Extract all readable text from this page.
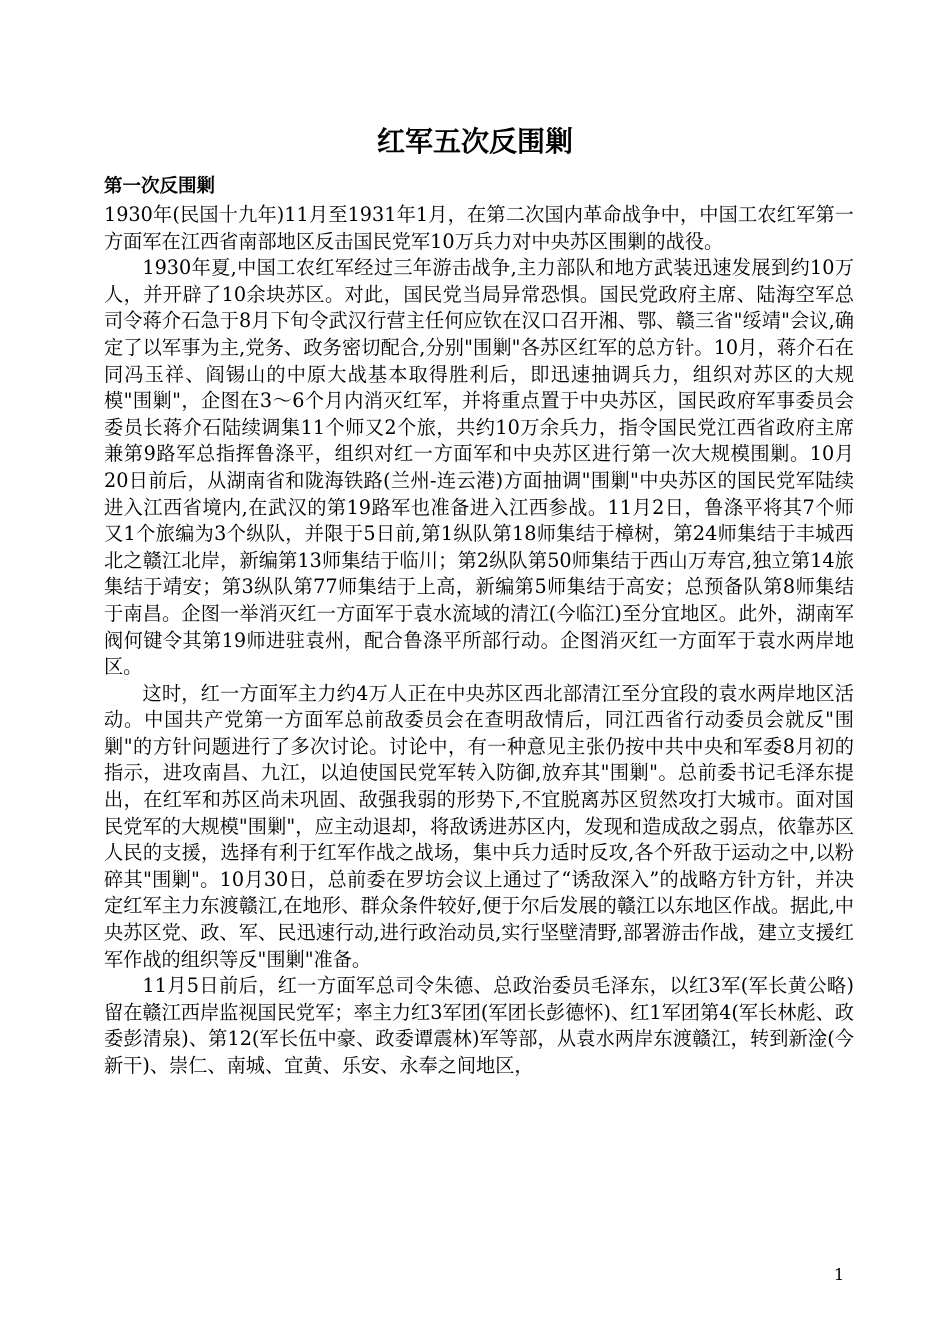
红军五次反围剿
第一次反围剿

1930年(民国十九年)11月至1931年1月，在第二次国内革命战争中，中国工农红军第一方面军在江西省南部地区反击国民党军10万兵力对中央苏区围剿的战役。

1930年夏,中国工农红军经过三年游击战争,主力部队和地方武装迅速发展到约10万人，并开辟了10余块苏区。对此，国民党当局异常恐惧。国民党政府主席、陆海空军总司令蒋介石急于8月下旬令武汉行营主任何应钦在汉口召开湘、鄂、赣三省"绥靖"会议,确定了以军事为主,党务、政务密切配合,分别"围剿"各苏区红军的总方针。10月，蒋介石在同冯玉祥、阎锡山的中原大战基本取得胜利后，即迅速抽调兵力，组织对苏区的大规模"围剿"，企图在3～6个月内消灭红军，并将重点置于中央苏区，国民政府军事委员会委员长蒋介石陆续调集11个师又2个旅，共约10万余兵力，指令国民党江西省政府主席兼第9路军总指挥鲁涤平，组织对红一方面军和中央苏区进行第一次大规模围剿。10月20日前后，从湖南省和陇海铁路(兰州-连云港)方面抽调"围剿"中央苏区的国民党军陆续进入江西省境内,在武汉的第19路军也准备进入江西参战。11月2日，鲁涤平将其7个师又1个旅编为3个纵队，并限于5日前,第1纵队第18师集结于樟树，第24师集结于丰城西北之赣江北岸，新编第13师集结于临川；第2纵队第50师集结于西山万寿宫,独立第14旅集结于靖安；第3纵队第77师集结于上高，新编第5师集结于高安；总预备队第8师集结于南昌。企图一举消灭红一方面军于袁水流域的清江(今临江)至分宜地区。此外，湖南军阀何键令其第19师进驻袁州，配合鲁涤平所部行动。企图消灭红一方面军于袁水两岸地区。

这时，红一方面军主力约4万人正在中央苏区西北部清江至分宜段的袁水两岸地区活动。中国共产党第一方面军总前敌委员会在查明敌情后，同江西省行动委员会就反"围剿"的方针问题进行了多次讨论。讨论中，有一种意见主张仍按中共中央和军委8月初的指示，进攻南昌、九江，以迫使国民党军转入防御,放弃其"围剿"。总前委书记毛泽东提出，在红军和苏区尚未巩固、敌强我弱的形势下,不宜脱离苏区贸然攻打大城市。面对国民党军的大规模"围剿"，应主动退却，将敌诱进苏区内，发现和造成敌之弱点，依靠苏区人民的支援，选择有利于红军作战之战场，集中兵力适时反攻,各个歼敌于运动之中,以粉碎其"围剿"。10月30日，总前委在罗坊会议上通过了“诱敌深入”的战略方针方针，并决定红军主力东渡赣江,在地形、群众条件较好,便于尔后发展的赣江以东地区作战。据此,中央苏区党、政、军、民迅速行动,进行政治动员,实行坚壁清野,部署游击作战，建立支援红军作战的组织等反"围剿"准备。

11月5日前后，红一方面军总司令朱德、总政治委员毛泽东，以红3军(军长黄公略)留在赣江西岸监视国民党军；率主力红3军团(军团长彭德怀)、红1军团第4(军长林彪、政委彭清泉)、第12(军长伍中豪、政委谭震林)军等部，从袁水两岸东渡赣江，转到新淦(今新干)、崇仁、南城、宜黄、乐安、永奉之间地区，

1
